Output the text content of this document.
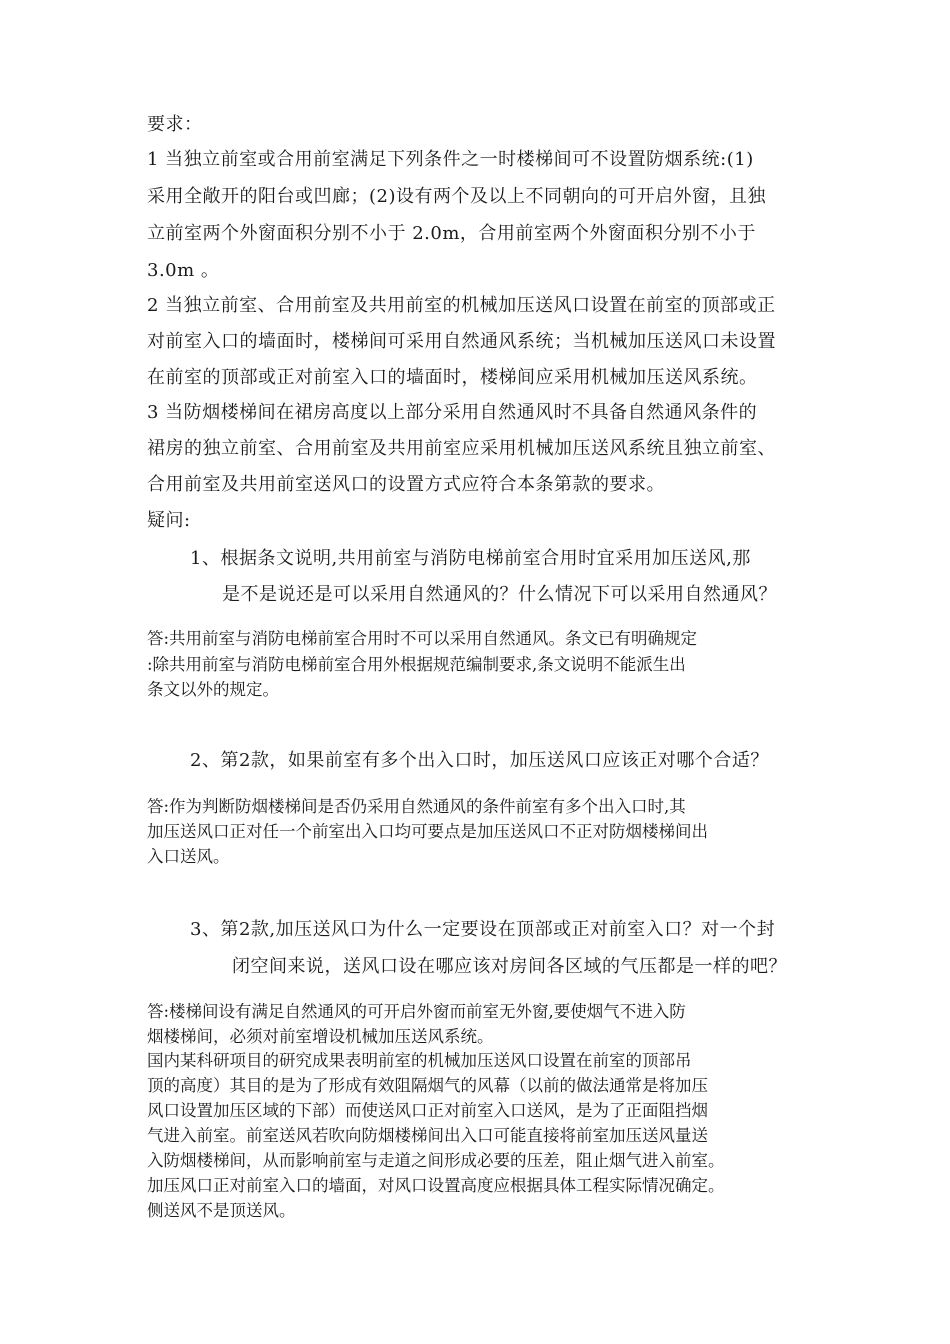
要求：
1 当独立前室或合用前室满足下列条件之一时楼梯间可不设置防烟系统:(1)
采用全敞开的阳台或凹廊；(2)设有两个及以上不同朝向的可开启外窗，且独
立前室两个外窗面积分别不小于 2.0m，合用前室两个外窗面积分别不小于
3.0m 。
2 当独立前室、合用前室及共用前室的机械加压送风口设置在前室的顶部或正
对前室入口的墙面时，楼梯间可采用自然通风系统；当机械加压送风口未设置
在前室的顶部或正对前室入口的墙面时，楼梯间应采用机械加压送风系统。
3 当防烟楼梯间在裙房高度以上部分采用自然通风时不具备自然通风条件的
裙房的独立前室、合用前室及共用前室应采用机械加压送风系统且独立前室、
合用前室及共用前室送风口的设置方式应符合本条第款的要求。
疑问:
1、根据条文说明,共用前室与消防电梯前室合用时宜采用加压送风,那
是不是说还是可以采用自然通风的？什么情况下可以采用自然通风？
答:共用前室与消防电梯前室合用时不可以采用自然通风。条文已有明确规定
:除共用前室与消防电梯前室合用外根据规范编制要求,条文说明不能派生出
条文以外的规定。
2、第2款，如果前室有多个出入口时，加压送风口应该正对哪个合适？
答:作为判断防烟楼梯间是否仍采用自然通风的条件前室有多个出入口时,其
加压送风口正对任一个前室出入口均可要点是加压送风口不正对防烟楼梯间出
入口送风。
3、第2款,加压送风口为什么一定要设在顶部或正对前室入口？对一个封
闭空间来说，送风口设在哪应该对房间各区域的气压都是一样的吧？
答:楼梯间设有满足自然通风的可开启外窗而前室无外窗,要使烟气不进入防
烟楼梯间，必须对前室增设机械加压送风系统。
国内某科研项目的研究成果表明前室的机械加压送风口设置在前室的顶部吊
顶的高度）其目的是为了形成有效阻隔烟气的风幕（以前的做法通常是将加压
风口设置加压区域的下部）而使送风口正对前室入口送风，是为了正面阻挡烟
气进入前室。前室送风若吹向防烟楼梯间出入口可能直接将前室加压送风量送
入防烟楼梯间，从而影响前室与走道之间形成必要的压差，阻止烟气进入前室。
加压风口正对前室入口的墙面，对风口设置高度应根据具体工程实际情况确定。
侧送风不是顶送风。
